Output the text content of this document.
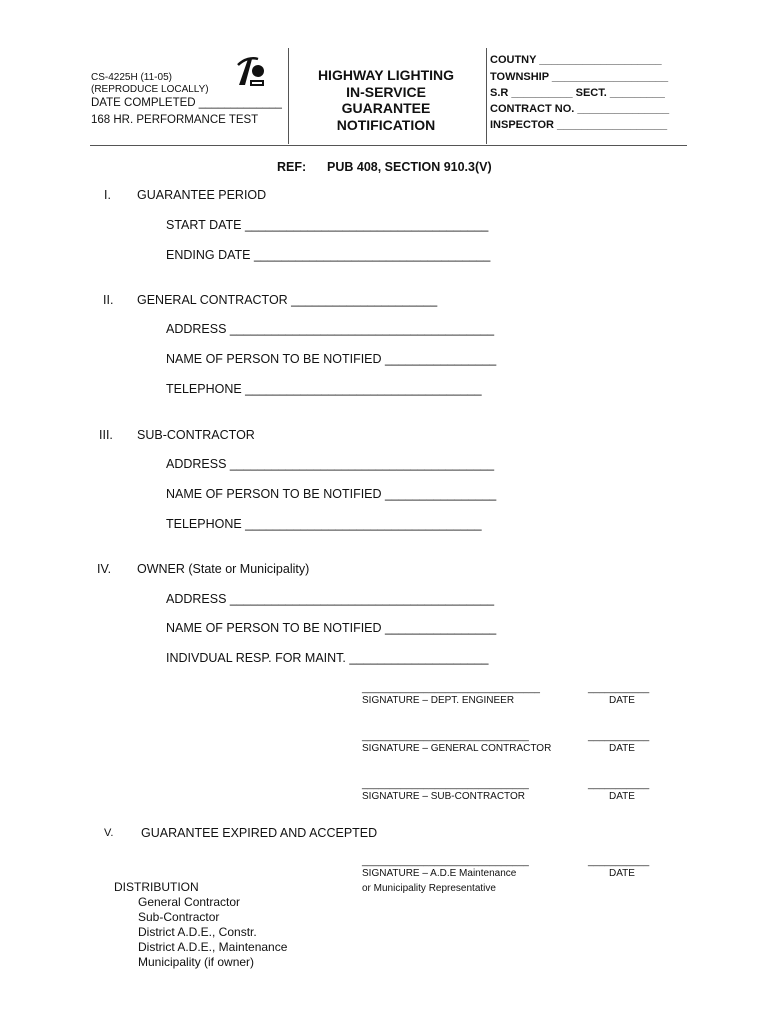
CS-4225H (11-05)
(REPRODUCE LOCALLY)
DATE COMPLETED _____________
168 HR. PERFORMANCE TEST
HIGHWAY LIGHTING
IN-SERVICE
GUARANTEE
NOTIFICATION
COUTNY ____________________
TOWNSHIP ___________________
S.R __________ SECT. _________
CONTRACT NO. _______________
INSPECTOR __________________
REF: PUB 408, SECTION 910.3(V)
I. GUARANTEE PERIOD
START DATE ___________________________________
ENDING DATE __________________________________
II. GENERAL CONTRACTOR _____________________
ADDRESS ______________________________________
NAME OF PERSON TO BE NOTIFIED ________________
TELEPHONE __________________________________
III. SUB-CONTRACTOR
ADDRESS ______________________________________
NAME OF PERSON TO BE NOTIFIED ________________
TELEPHONE __________________________________
IV. OWNER (State or Municipality)
ADDRESS ______________________________________
NAME OF PERSON TO BE NOTIFIED ________________
INDIVDUAL RESP. FOR MAINT. ____________________
________________________________
SIGNATURE – DEPT. ENGINEER
___________
DATE
______________________________
SIGNATURE – GENERAL CONTRACTOR
___________
DATE
______________________________
SIGNATURE – SUB-CONTRACTOR
___________
DATE
V. GUARANTEE EXPIRED AND ACCEPTED
______________________________
SIGNATURE – A.D.E Maintenance
or Municipality Representative
___________
DATE
DISTRIBUTION
General Contractor
Sub-Contractor
District A.D.E., Constr.
District A.D.E., Maintenance
Municipality (if owner)
